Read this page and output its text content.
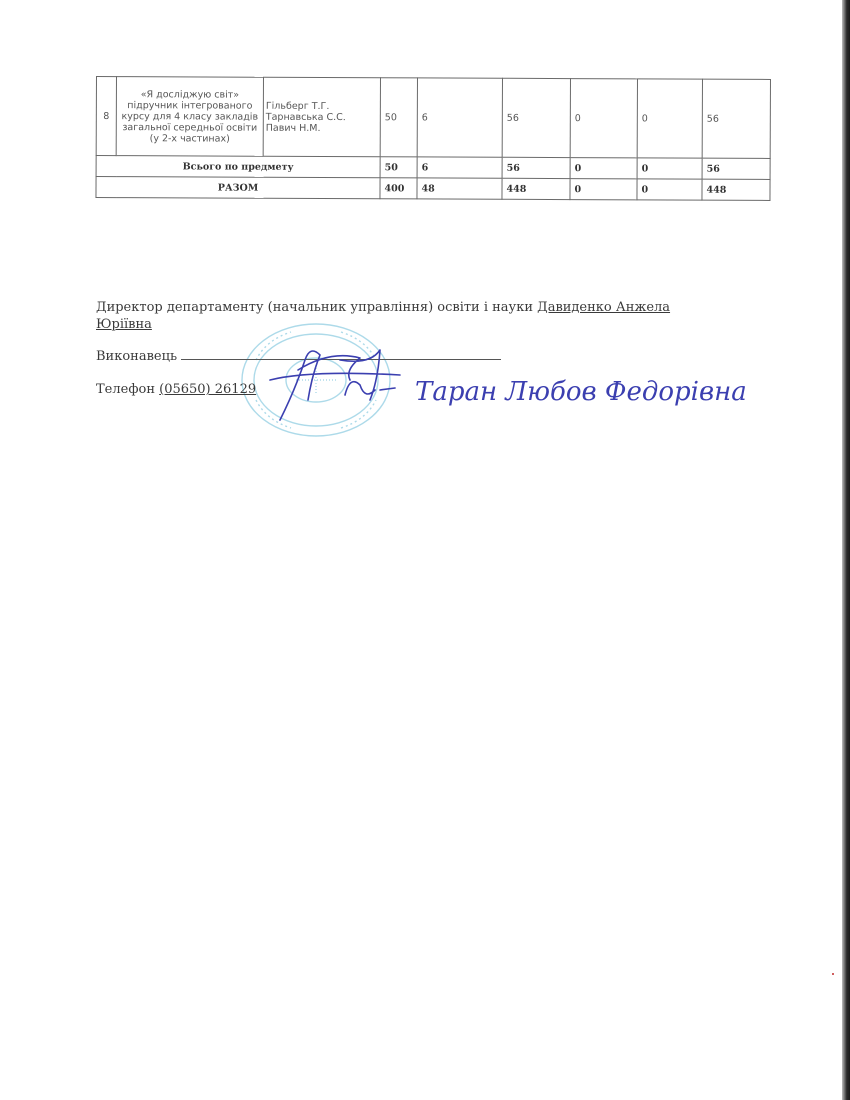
8	«Я досліджую світ» підручник інтегрованого курсу для 4 класу закладів загальної середньої освіти (у 2-х частинах)	Гільберг Т.Г. Тарнавська С.С. Павич Н.М.	50	6	56	0	0	56
Всього по предмету			50	6	56	0	0	56
РАЗОМ			400	48	448	0	0	448
Директор департаменту (начальник управління) освіти і науки Давиденко Анжела
Юріївна
Виконавець
Телефон (05650) 26129	Таран Любов Федорівна
